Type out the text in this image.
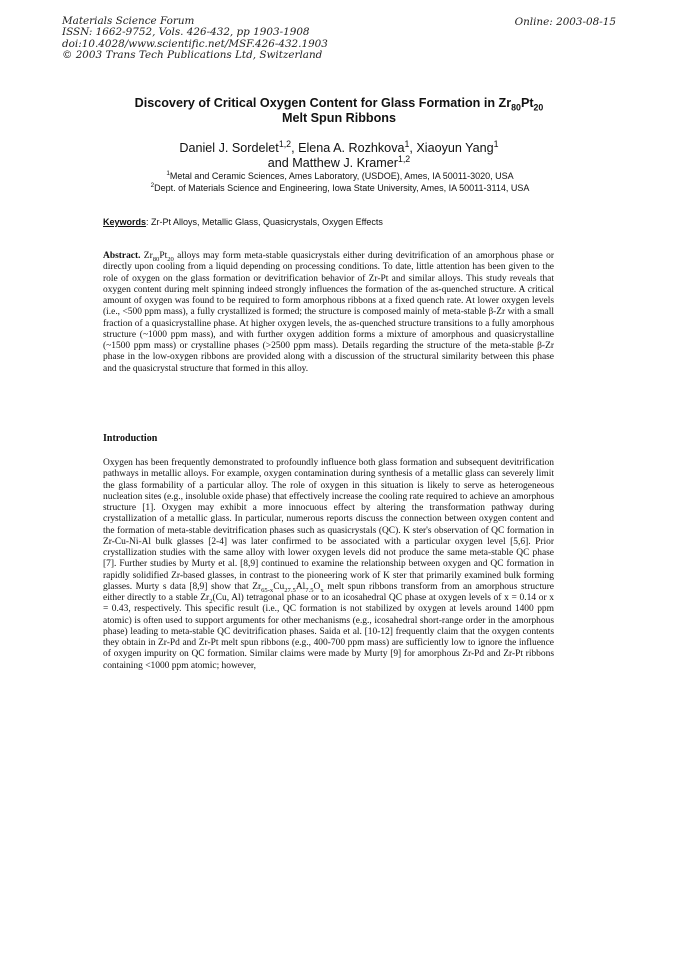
Materials Science Forum
ISSN: 1662-9752, Vols. 426-432, pp 1903-1908
doi:10.4028/www.scientific.net/MSF.426-432.1903
© 2003 Trans Tech Publications Ltd, Switzerland
Online: 2003-08-15
Discovery of Critical Oxygen Content for Glass Formation in $Zr_{80}Pt_{20}$
Melt Spun Ribbons
Daniel J. Sordelet$^{1,2}$, Elena A. Rozhkova$^1$, Xiaoyun Yang$^1$
and Matthew J. Kramer$^{1,2}$
$^1$Metal and Ceramic Sciences, Ames Laboratory, (USDOE), Ames, IA 50011-3020, USA
$^2$Dept. of Materials Science and Engineering, Iowa State University, Ames, IA 50011-3114, USA
Keywords: Zr-Pt Alloys, Metallic Glass, Quasicrystals, Oxygen Effects

Abstract. $Zr_{80}Pt_{20}$ alloys may form meta-stable quasicrystals either during devitrification of an amorphous phase or directly upon cooling from a liquid depending on processing conditions. To date, little attention has been given to the role of oxygen on the glass formation or devitrification behavior of Zr-Pt and similar alloys. This study reveals that oxygen content during melt spinning indeed strongly influences the formation of the as-quenched structure. A critical amount of oxygen was found to be required to form amorphous ribbons at a fixed quench rate. At lower oxygen levels (i.e., <500 ppm mass), a fully crystallized is formed; the structure is composed mainly of meta-stable β-Zr with a small fraction of a quasicrystalline phase. At higher oxygen levels, the as-quenched structure transitions to a fully amorphous structure (~1000 ppm mass), and with further oxygen addition forms a mixture of amorphous and quasicrystalline (~1500 ppm mass) or crystalline phases (>2500 ppm mass). Details regarding the structure of the meta-stable β-Zr phase in the low-oxygen ribbons are provided along with a discussion of the structural similarity between this phase and the quasicrystal structure that formed in this alloy.

Introduction

Oxygen has been frequently demonstrated to profoundly influence both glass formation and subsequent devitrification pathways in metallic alloys. For example, oxygen contamination during synthesis of a metallic glass can severely limit the glass formability of a particular alloy. The role of oxygen in this situation is likely to serve as heterogeneous nucleation sites (e.g., insoluble oxide phase) that effectively increase the cooling rate required to achieve an amorphous structure [1]. Oxygen may exhibit a more innocuous effect by altering the transformation pathway during crystallization of a metallic glass. In particular, numerous reports discuss the connection between oxygen content and the formation of meta-stable devitrification phases such as quasicrystals (QC). K ster's observation of QC formation in Zr-Cu-Ni-Al bulk glasses [2-4] was later confirmed to be associated with a particular oxygen level [5,6]. Prior crystallization studies with the same alloy with lower oxygen levels did not produce the same meta-stable QC phase [7]. Further studies by Murty et al. [8,9] continued to examine the relationship between oxygen and QC formation in rapidly solidified Zr-based glasses, in contrast to the pioneering work of K ster that primarily examined bulk forming glasses. Murty s data [8,9] show that $Zr_{65-x}Cu_{27.5}Al_{7.5}O_x$ melt spun ribbons transform from an amorphous structure either directly to a stable $Zr_2(Cu$, Al) tetragonal phase or to an icosahedral QC phase at oxygen levels of x = 0.14 or x = 0.43, respectively. This specific result (i.e., QC formation is not stabilized by oxygen at levels around 1400 ppm atomic) is often used to support arguments for other mechanisms (e.g., icosahedral short-range order in the amorphous phase) leading to meta-stable QC devitrification phases. Saida et al. [10-12] frequently claim that the oxygen contents they obtain in Zr-Pd and Zr-Pt melt spun ribbons (e.g., 400-700 ppm mass) are sufficiently low to ignore the influence of oxygen impurity on QC formation. Similar claims were made by Murty [9] for amorphous Zr-Pd and Zr-Pt ribbons containing <1000 ppm atomic; however,
